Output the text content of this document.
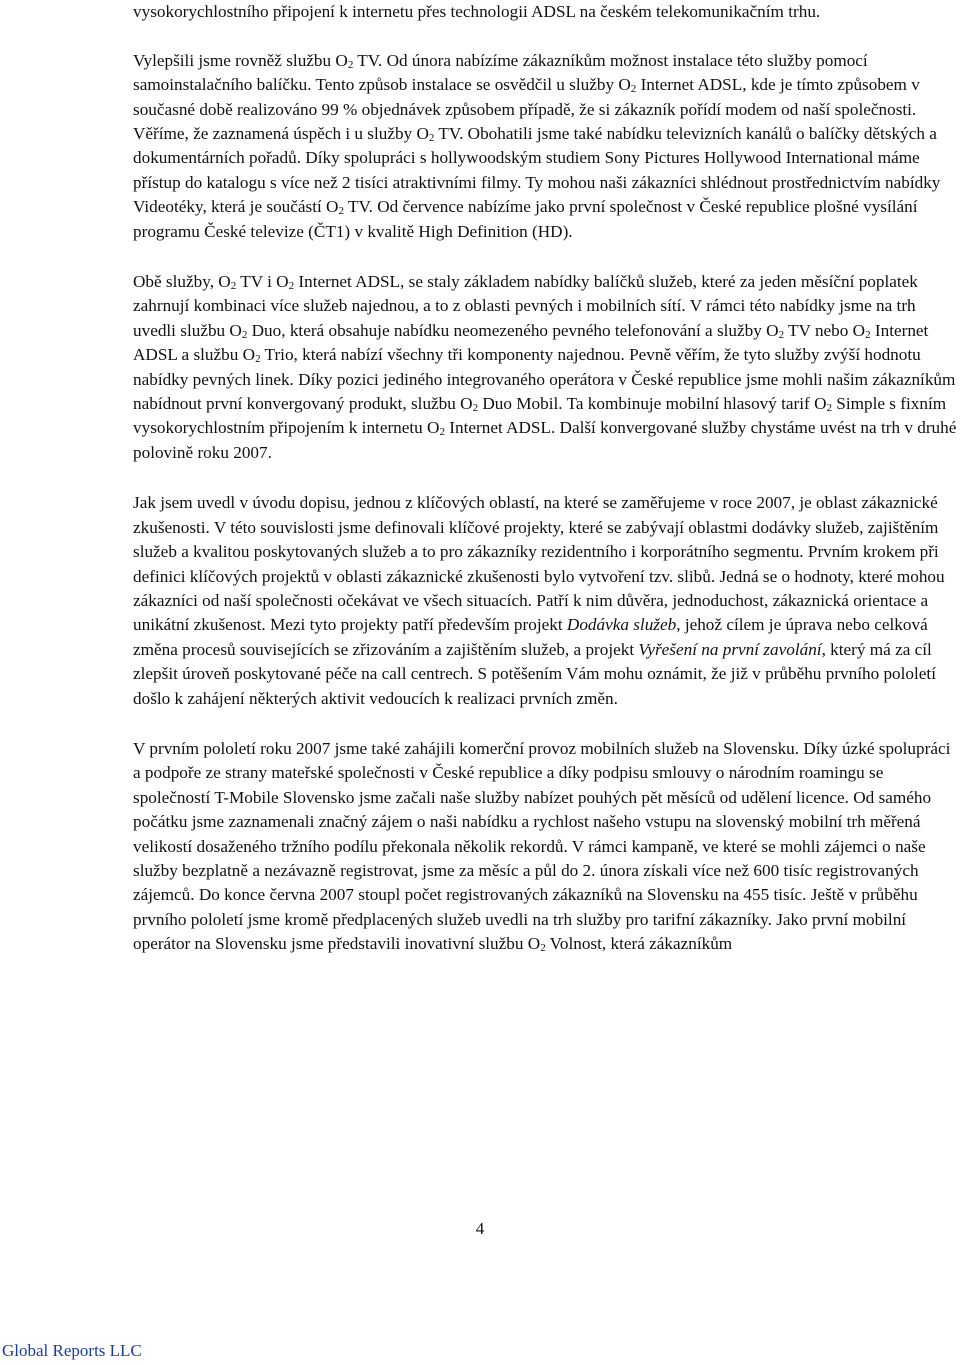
vysokorychlostního připojení k internetu přes technologii ADSL na českém telekomunikačním trhu.

Vylepšili jsme rovněž službu $O_2$ TV. Od února nabízíme zákazníkům možnost instalace této služby pomocí samoinstalačního balíčku. Tento způsob instalace se osvědčil u služby $O_2$ Internet ADSL, kde je tímto způsobem v současné době realizováno 99 % objednávek způsobem případě, že si zákazník pořídí modem od naší společnosti. Věříme, že zaznamená úspěch i u služby $O_2$ TV. Obohatili jsme také nabídku televizních kanálů o balíčky dětských a dokumentárních pořadů. Díky spolupráci s hollywoodským studiem Sony Pictures Hollywood International máme přístup do katalogu s více než 2 tisíci atraktivními filmy. Ty mohou naši zákazníci shlédnout prostřednictvím nabídky Videotéky, která je součástí $O_2$ TV. Od července nabízíme jako první společnost v České republice plošné vysílání programu České televize (ČT1) v kvalitě High Definition (HD).

Obě služby, $O_2$ TV i $O_2$ Internet ADSL, se staly základem nabídky balíčků služeb, které za jeden měsíční poplatek zahrnují kombinaci více služeb najednou, a to z oblasti pevných i mobilních sítí. V rámci této nabídky jsme na trh uvedli službu $O_2$ Duo, která obsahuje nabídku neomezeného pevného telefonování a služby $O_2$ TV nebo $O_2$ Internet ADSL a službu $O_2$ Trio, která nabízí všechny tři komponenty najednou. Pevně věřím, že tyto služby zvýší hodnotu nabídky pevných linek. Díky pozici jediného integrovaného operátora v České republice jsme mohli našim zákazníkům nabídnout první konvergovaný produkt, službu $O_2$ Duo Mobil. Ta kombinuje mobilní hlasový tarif $O_2$ Simple s fixním vysokorychlostním připojením k internetu $O_2$ Internet ADSL. Další konvergované služby chystáme uvést na trh v druhé polovině roku 2007.

Jak jsem uvedl v úvodu dopisu, jednou z klíčových oblastí, na které se zaměřujeme v roce 2007, je oblast zákaznické zkušenosti. V této souvislosti jsme definovali klíčové projekty, které se zabývají oblastmi dodávky služeb, zajištěním služeb a kvalitou poskytovaných služeb a to pro zákazníky rezidentního i korporátního segmentu. Prvním krokem při definici klíčových projektů v oblasti zákaznické zkušenosti bylo vytvoření tzv. slibů. Jedná se o hodnoty, které mohou zákazníci od naší společnosti očekávat ve všech situacích. Patří k nim důvěra, jednoduchost, zákaznická orientace a unikátní zkušenost. Mezi tyto projekty patří především projekt Dodávka služeb, jehož cílem je úprava nebo celková změna procesů souvisejících se zřizováním a zajištěním služeb, a projekt Vyřešení na první zavolání, který má za cíl zlepšit úroveň poskytované péče na call centrech. S potěšením Vám mohu oznámit, že již v průběhu prvního pololetí došlo k zahájení některých aktivit vedoucích k realizaci prvních změn.

V prvním pololetí roku 2007 jsme také zahájili komerční provoz mobilních služeb na Slovensku. Díky úzké spolupráci a podpoře ze strany mateřské společnosti v České republice a díky podpisu smlouvy o národním roamingu se společností T-Mobile Slovensko jsme začali naše služby nabízet pouhých pět měsíců od udělení licence. Od samého počátku jsme zaznamenali značný zájem o naši nabídku a rychlost našeho vstupu na slovenský mobilní trh měřená velikostí dosaženého tržního podílu překonala několik rekordů. V rámci kampaně, ve které se mohli zájemci o naše služby bezplatně a nezávazně registrovat, jsme za měsíc a půl do 2. února získali více než 600 tisíc registrovaných zájemců. Do konce června 2007 stoupl počet registrovaných zákazníků na Slovensku na 455 tisíc. Ještě v průběhu prvního pololetí jsme kromě předplacených služeb uvedli na trh služby pro tarifní zákazníky. Jako první mobilní operátor na Slovensku jsme představili inovativní službu $O_2$ Volnost, která zákazníkům

4
Global Reports LLC
